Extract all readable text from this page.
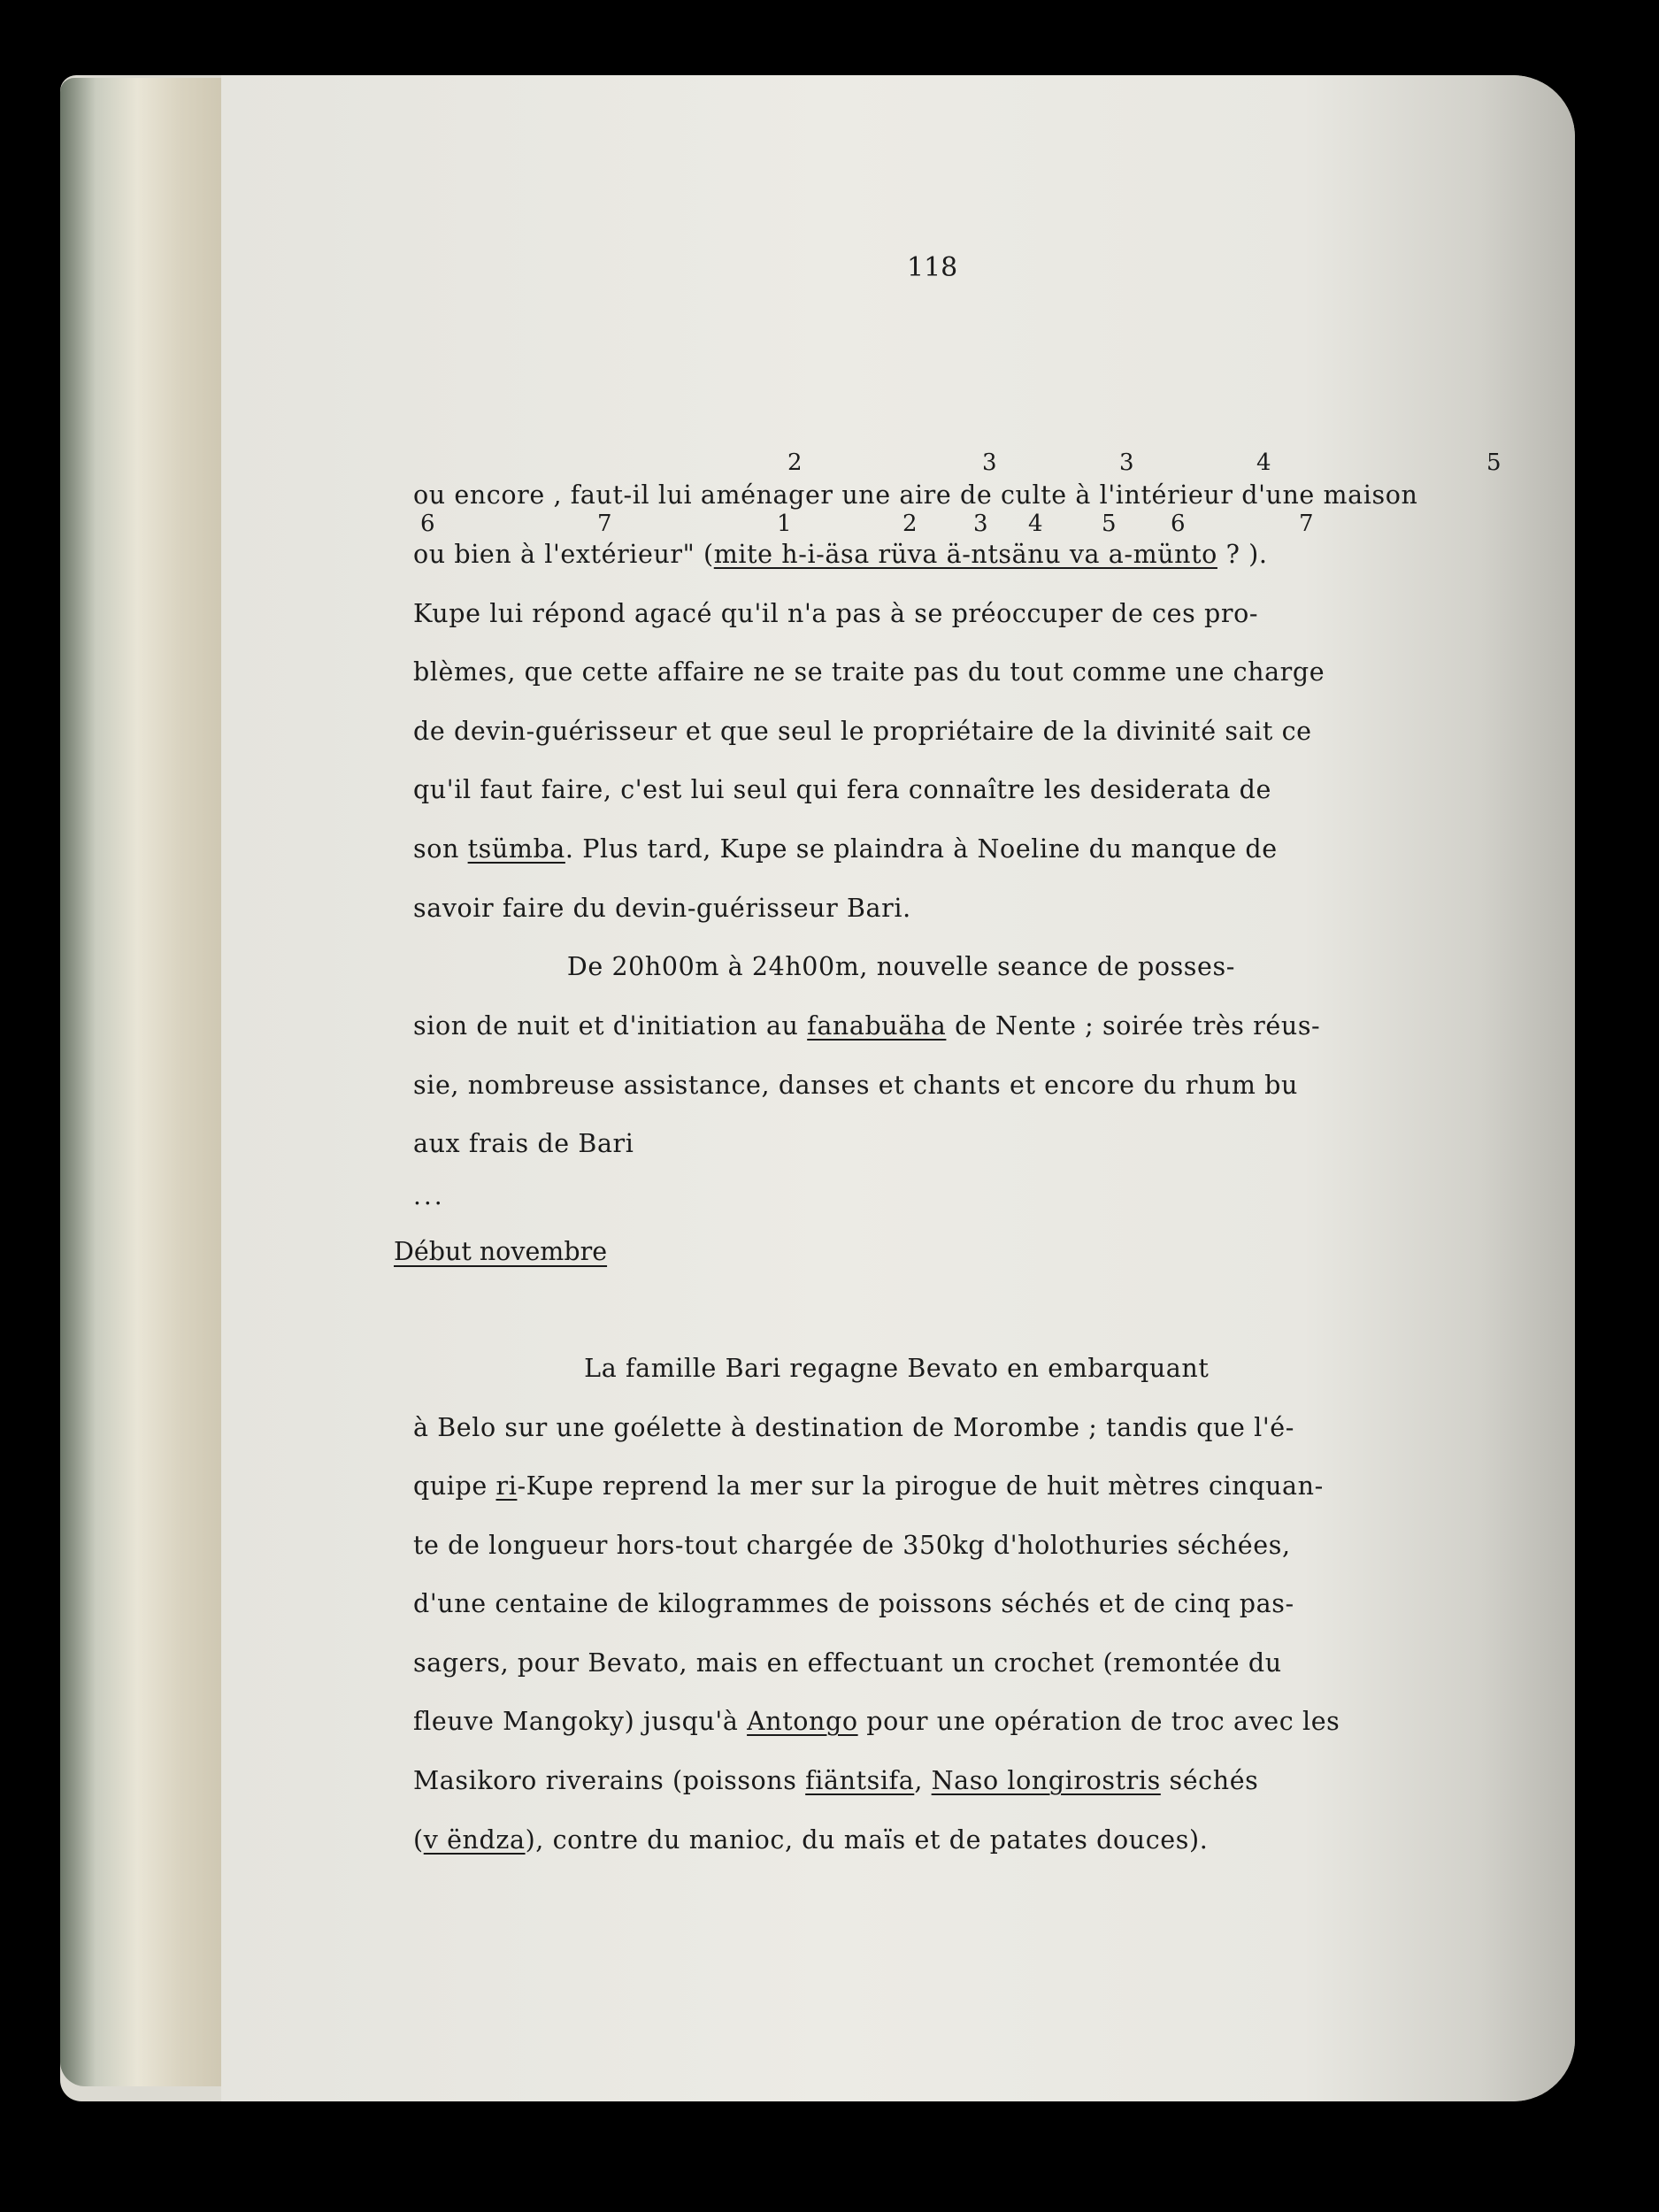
118
2	3	3	4	5
6	7	1	2 3 4	5 6	7
ou encore , faut-il lui aménager une aire de culte à l'intérieur d'une maison
ou bien à l'extérieur" (mite h-i-äsa rüva ä-ntsänu va a-münto ? ).
Kupe lui répond agacé qu'il n'a pas à se préoccuper de ces pro-
blèmes, que cette affaire ne se traite pas du tout comme une charge
de devin-guérisseur et que seul le propriétaire de la divinité sait ce
qu'il faut faire, c'est lui seul qui fera connaître les desiderata de
son tsümba. Plus tard, Kupe se plaindra à Noeline du manque de
savoir faire du devin-guérisseur Bari.
De 20h00m à 24h00m, nouvelle seance de posses-
sion de nuit et d'initiation au fanabuäha de Nente ; soirée très réus-
sie, nombreuse assistance, danses et chants et encore du rhum bu
aux frais de Bari
...
Début novembre
La famille Bari regagne Bevato en embarquant
à Belo sur une goélette à destination de Morombe ; tandis que l'é-
quipe ri-Kupe reprend la mer sur la pirogue de huit mètres cinquan-
te de longueur hors-tout chargée de 350kg d'holothuries séchées,
d'une centaine de kilogrammes de poissons séchés et de cinq pas-
sagers, pour Bevato, mais en effectuant un crochet (remontée du
fleuve Mangoky) jusqu'à Antongo pour une opération de troc avec les
Masikoro riverains (poissons fiäntsifa, Naso longirostris séchés
(v ëndza), contre du manioc, du maïs et de patates douces).
